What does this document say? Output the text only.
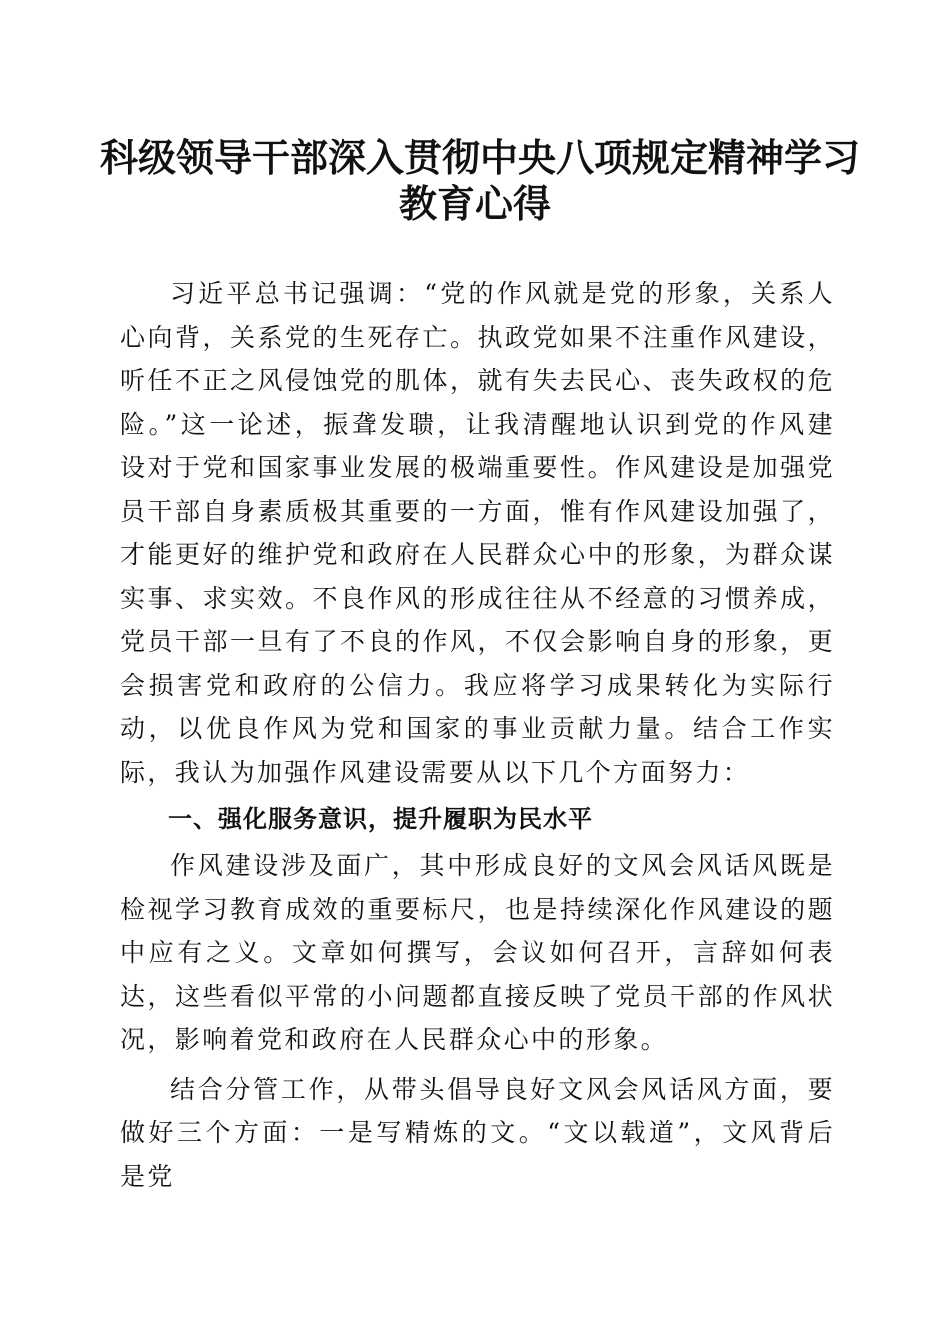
科级领导干部深入贯彻中央八项规定精神学习
教育心得

习近平总书记强调：“党的作风就是党的形象，关系人心向背，关系党的生死存亡。执政党如果不注重作风建设，听任不正之风侵蚀党的肌体，就有失去民心、丧失政权的危险。”这一论述，振聋发聩，让我清醒地认识到党的作风建设对于党和国家事业发展的极端重要性。作风建设是加强党员干部自身素质极其重要的一方面，惟有作风建设加强了，才能更好的维护党和政府在人民群众心中的形象，为群众谋实事、求实效。不良作风的形成往往从不经意的习惯养成，党员干部一旦有了不良的作风，不仅会影响自身的形象，更会损害党和政府的公信力。我应将学习成果转化为实际行动，以优良作风为党和国家的事业贡献力量。结合工作实际，我认为加强作风建设需要从以下几个方面努力：

一、强化服务意识，提升履职为民水平

作风建设涉及面广，其中形成良好的文风会风话风既是检视学习教育成效的重要标尺，也是持续深化作风建设的题中应有之义。文章如何撰写，会议如何召开，言辞如何表达，这些看似平常的小问题都直接反映了党员干部的作风状况，影响着党和政府在人民群众心中的形象。

结合分管工作，从带头倡导良好文风会风话风方面，要做好三个方面：一是写精炼的文。“文以载道”，文风背后是党
